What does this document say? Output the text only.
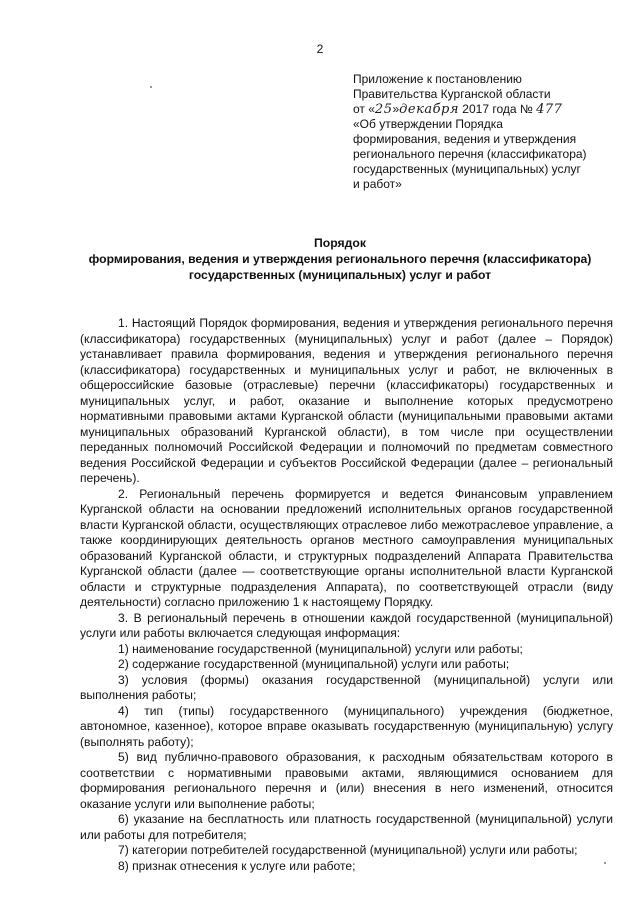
2
Приложение к постановлению
Правительства Курганской области
от «25»декабря 2017 года № 477
«Об утверждении Порядка
формирования, ведения и утверждения
регионального перечня (классификатора)
государственных (муниципальных) услуг
и работ»
Порядок
формирования, ведения и утверждения регионального перечня (классификатора)
государственных (муниципальных) услуг и работ

1. Настоящий Порядок формирования, ведения и утверждения регионального перечня (классификатора) государственных (муниципальных) услуг и работ (далее – Порядок) устанавливает правила формирования, ведения и утверждения регионального перечня (классификатора) государственных и муниципальных услуг и работ, не включенных в общероссийские базовые (отраслевые) перечни (классификаторы) государственных и муниципальных услуг, и работ, оказание и выполнение которых предусмотрено нормативными правовыми актами Курганской области (муниципальными правовыми актами муниципальных образований Курганской области), в том числе при осуществлении переданных полномочий Российской Федерации и полномочий по предметам совместного ведения Российской Федерации и субъектов Российской Федерации (далее – региональный перечень).

2. Региональный перечень формируется и ведется Финансовым управлением Курганской области на основании предложений исполнительных органов государственной власти Курганской области, осуществляющих отраслевое либо межотраслевое управление, а также координирующих деятельность органов местного самоуправления муниципальных образований Курганской области, и структурных подразделений Аппарата Правительства Курганской области (далее — соответствующие органы исполнительной власти Курганской области и структурные подразделения Аппарата), по соответствующей отрасли (виду деятельности) согласно приложению 1 к настоящему Порядку.

3. В региональный перечень в отношении каждой государственной (муниципальной) услуги или работы включается следующая информация:

1) наименование государственной (муниципальной) услуги или работы;

2) содержание государственной (муниципальной) услуги или работы;

3) условия (формы) оказания государственной (муниципальной) услуги или выполнения работы;

4) тип (типы) государственного (муниципального) учреждения (бюджетное, автономное, казенное), которое вправе оказывать государственную (муниципальную) услугу (выполнять работу);

5) вид публично-правового образования, к расходным обязательствам которого в соответствии с нормативными правовыми актами, являющимися основанием для формирования регионального перечня и (или) внесения в него изменений, относится оказание услуги или выполнение работы;

6) указание на бесплатность или платность государственной (муниципальной) услуги или работы для потребителя;

7) категории потребителей государственной (муниципальной) услуги или работы;

8) признак отнесения к услуге или работе;
